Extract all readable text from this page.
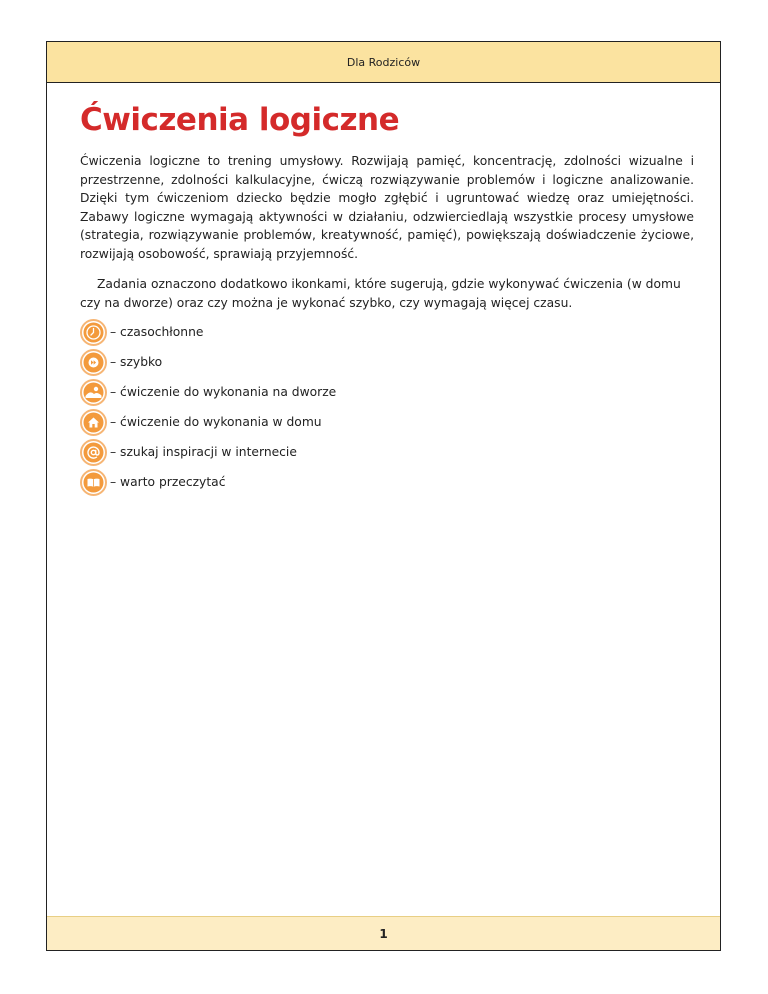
Dla Rodziców
Ćwiczenia logiczne

Ćwiczenia logiczne to trening umysłowy. Rozwijają pamięć, koncentrację, zdolności wizualne i przestrzenne, zdolności kalkulacyjne, ćwiczą rozwiązywanie problemów i logiczne analizowanie. Dzięki tym ćwiczeniom dziecko będzie mogło zgłębić i ugruntować wiedzę oraz umiejętności. Zabawy logiczne wymagają aktywności w działaniu, odzwierciedlają wszystkie procesy umysłowe (strategia, rozwiązywanie problemów, kreatywność, pamięć), powiększają doświadczenie życiowe, rozwijają osobowość, sprawiają przyjemność.

Zadania oznaczono dodatkowo ikonkami, które sugerują, gdzie wykonywać ćwiczenia (w domu czy na dworze) oraz czy można je wykonać szybko, czy wymagają więcej czasu.

– czasochłonne
– szybko
– ćwiczenie do wykonania na dworze
– ćwiczenie do wykonania w domu
– szukaj inspiracji w internecie
– warto przeczytać
1
